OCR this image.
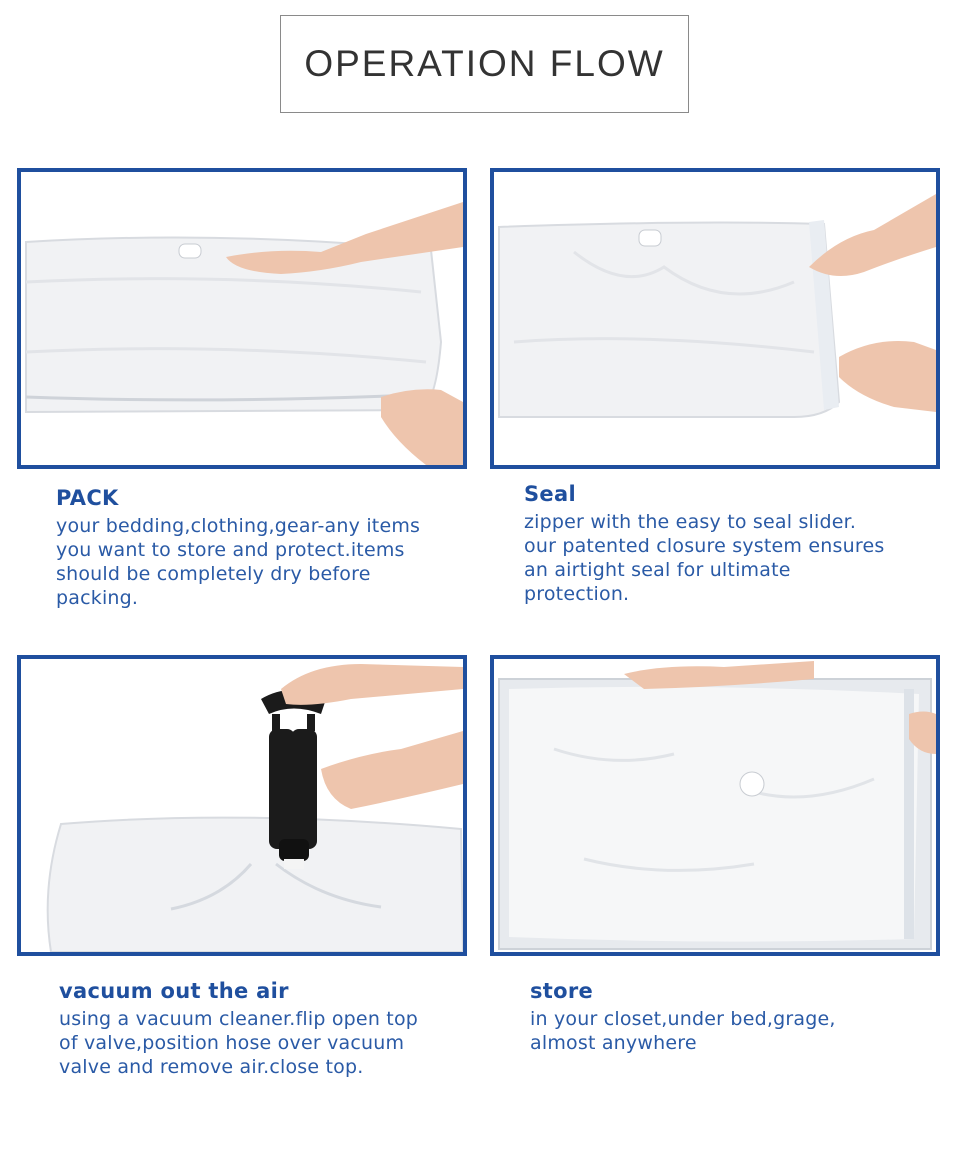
OPERATION FLOW
PACK

your bedding,clothing,gear-any items
you want to store and protect.items
should be completely dry before
packing.

Seal

zipper with the easy to seal slider.
our patented closure system ensures
an airtight seal for ultimate
protection.

vacuum out the air

using a vacuum cleaner.flip open top
of valve,position hose over vacuum
valve and remove air.close top.

store

in your closet,under bed,grage,
almost anywhere
